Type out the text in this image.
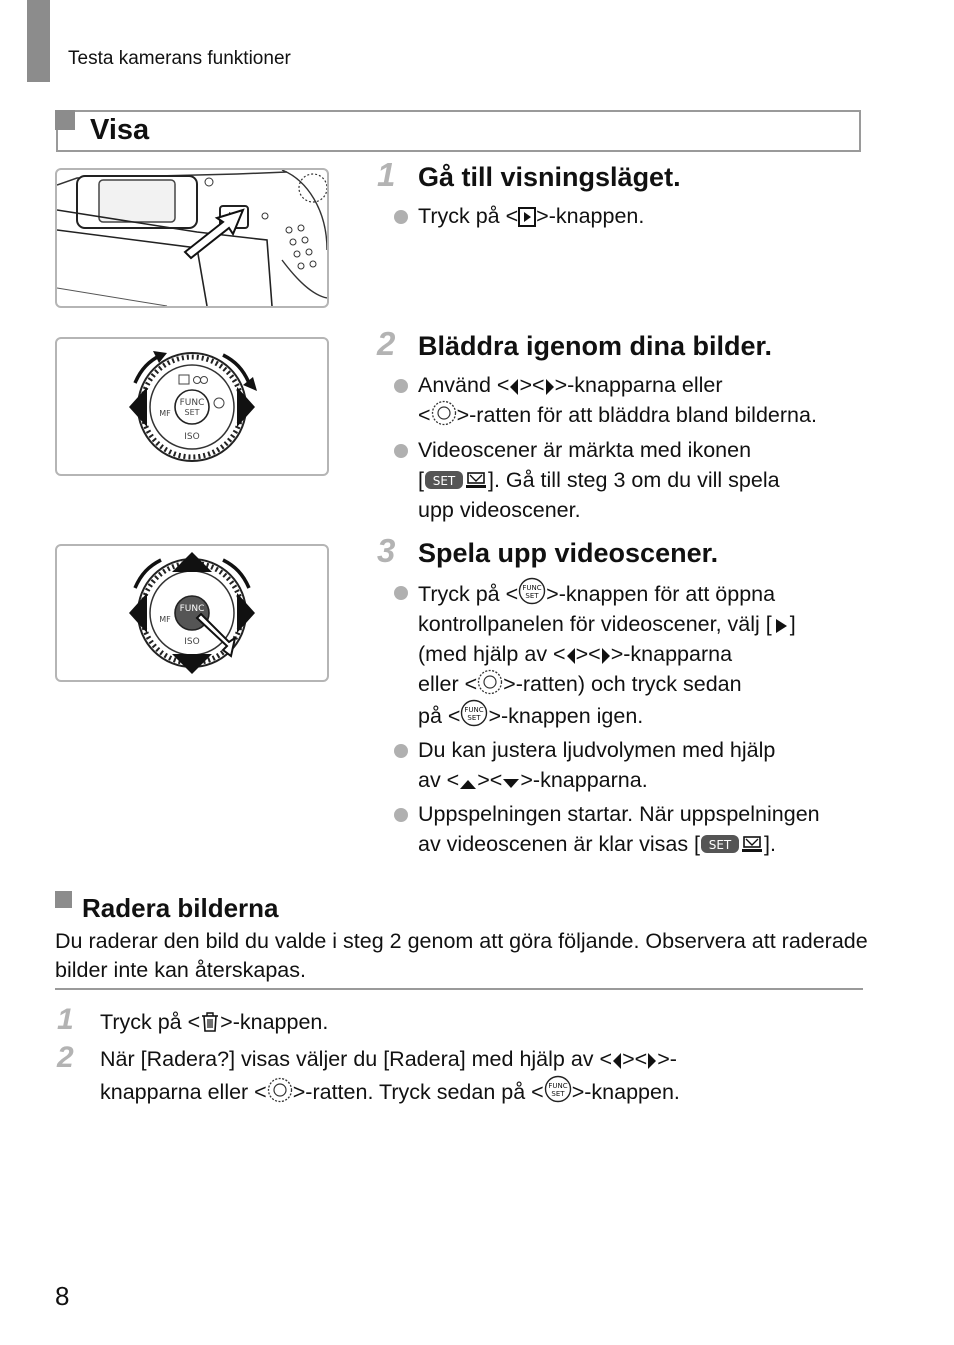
Testa kamerans funktioner
Visa
FUNC
SET
ISO
MF
FUNC
ISO
MF
1 Gå till visningsläget.
Tryck på < >-knappen.
2 Bläddra igenom dina bilder.
Använd < >< >-knapparna eller
< >-ratten för att bläddra bland bilderna.
Videoscener är märkta med ikonen
[ SET ]. Gå till steg 3 om du vill spela
upp videoscener.
3 Spela upp videoscener.
Tryck på < FUNC
SET >-knappen för att öppna
kontrollpanelen för videoscener, välj [ ]
(med hjälp av < >< >-knapparna
eller < >-ratten) och tryck sedan
på < FUNC
SET >-knappen igen.
Du kan justera ljudvolymen med hjälp
av < >< >-knapparna.
Uppspelningen startar. När uppspelningen
av videoscenen är klar visas [ SET ].
Radera bilderna
Du raderar den bild du valde i steg 2 genom att göra följande. Observera att raderade bilder inte kan återskapas.
1 Tryck på < >-knappen.
2 När [Radera?] visas väljer du [Radera] med hjälp av < >< >-
knapparna eller < >-ratten. Tryck sedan på < FUNC
SET >-knappen.
8
